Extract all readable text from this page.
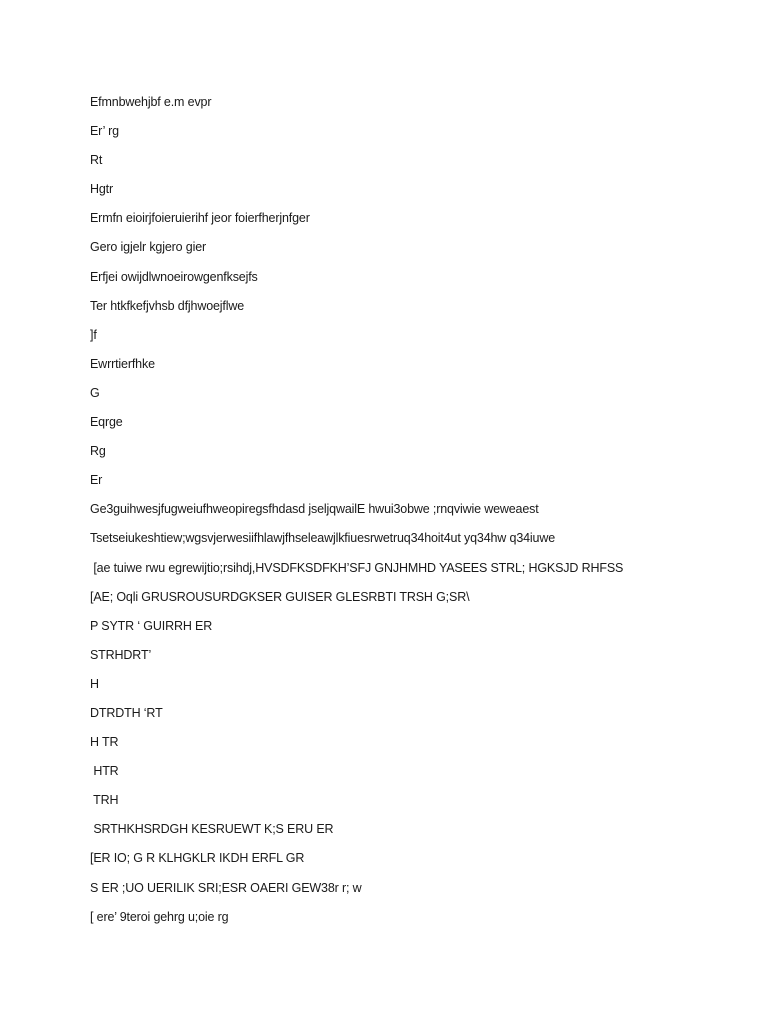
Efmnbwehjbf e.m evpr
Er’ rg
Rt
Hgtr
Ermfn eioirjfoieruierihf jeor foierfherjnfger
Gero igjelr kgjero gier
Erfjei owijdlwnoeirowgenfksejfs
Ter htkfkefjvhsb dfjhwoejflwe
]f
Ewrrtierfhke
G
Eqrge
Rg
Er
Ge3guihwesjfugweiufhweopiregsfhdasd jseljqwailE hwui3obwe ;rnqviwie weweaest
Tsetseiukeshtiew;wgsvjerwesiifhlawjfhseleawjlkfiuesrwetruq34hoit4ut yq34hw q34iuwe
[ae tuiwe rwu egrewijtio;rsihdj,HVSDFKSDFKH’SFJ GNJHMHD YASEES STRL; HGKSJD RHFSS
[AE; Oqli GRUSROUSURDGKSER GUISER GLESRBTI TRSH G;SR\
P SYTR ‘ GUIRRH ER
STRHDRT’
H
DTRDTH ‘RT
H TR
HTR
TRH
SRTHKHSRDGH KESRUEWT K;S ERU ER
[ER IO; G R KLHGKLR IKDH ERFL GR
S ER ;UO UERILIK SRI;ESR OAERI GEW38r r; w
[ ere’ 9teroi gehrg u;oie rg
